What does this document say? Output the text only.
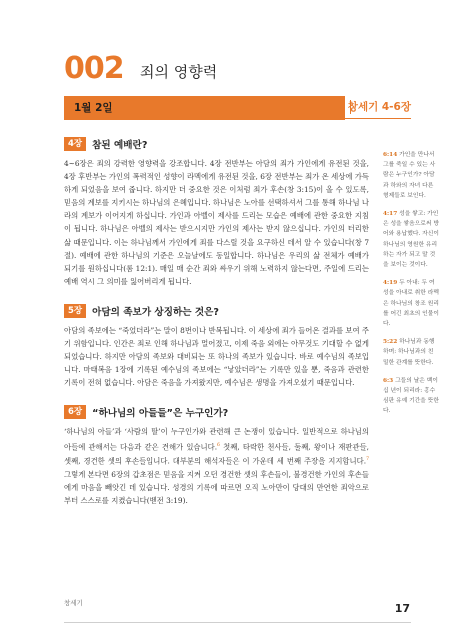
002 죄의 영향력
1월 2일	창세기 4-6장
4장	참된 예배란?

4~6장은 죄의 강력한 영향력을 강조합니다. 4장 전반부는 아담의 죄가 가인에게 유전된 것을, 4장 후반부는 가인의 폭력적인 성향이 라멕에게 유전된 것을, 6장 전반부는 죄가 온 세상에 가득하게 되었음을 보여 줍니다. 하지만 더 중요한 것은 이처럼 죄가 후손(창 3:15)이 올 수 있도록, 믿음의 계보를 지키시는 하나님의 은혜입니다. 하나님은 노아를 선택하셔서 그를 통해 하나님 나라의 계보가 이어지게 하십니다. 가인과 아벨이 제사를 드리는 모습은 예배에 관한 중요한 지침이 됩니다. 하나님은 아벨의 제사는 받으시지만 가인의 제사는 받지 않으십니다. 가인의 터리한 삶 때문입니다. 이는 하나님께서 가인에게 죄를 다스릴 것을 요구하신 데서 알 수 있습니다(창 7절). 예배에 관한 하나님의 기준은 오늘날에도 동일합니다. 하나님은 우리의 삶 전체가 예배가 되기를 원하십니다(롬 12:1). 매일 매 순간 죄와 싸우기 위해 노력하지 않는다면, 주일에 드리는 예배 역시 그 의미를 잃어버리게 됩니다.

5장	아담의 족보가 상징하는 것은?

아담의 족보에는 “죽었더라”는 말이 8번이나 반복됩니다. 이 세상에 죄가 들어온 결과를 보여 주기 위함입니다. 인간은 죄로 인해 하나님과 멀어졌고, 이제 죽음 외에는 아무것도 기대할 수 없게 되었습니다. 하지만 아담의 족보와 대비되는 또 하나의 족보가 있습니다. 바로 예수님의 족보입니다. 마태복음 1장에 기록된 예수님의 족보에는 “낳았더라”는 기록만 있을 뿐, 죽음과 관련한 기록이 전혀 없습니다. 아담은 죽음을 가져왔지만, 예수님은 생명을 가져오셨기 때문입니다.

6장	“하나님의 아들들”은 누구인가?

‘하나님의 아들’과 ‘사람의 딸’이 누구인가와 관련해 큰 논쟁이 있습니다. 일반적으로 하나님의 아들에 관해서는 다음과 같은 견해가 있습니다.$^6$ 첫째, 타락한 천사들, 둘째, 왕이나 재판관들, 셋째, 경건한 셋의 후손들입니다. 대부분의 해석자들은 이 가운데 세 번째 주장을 지지합니다.$^7$ 그렇게 본다면 6장의 갑초점은 믿음을 지켜 오던 경건한 셋의 후손들이, 불경건한 가인의 후손들에게 마음을 빼앗긴 데 있습니다. 성경의 기록에 따르면 오직 노아만이 당대의 만연한 죄악으로부터 스스로를 지켰습니다(벧전 3:19).

6:14 가인을 만나서 그를 죽일 수 있는 사람은 누구인가? 아담과 하와의 자녀 다른 형제들로 보인다.

4:17 성을 쌓고: 가인은 성을 쌓음으로써 방어와 용납했다. 자신이 하나님의 영원한 유리하는 자가 되고 말 것을 보이는 것이다.

4:19 두 아내: 두 여성을 아내로 취한 라멕은 하나님의 창조 원리를 어긴 최초의 인물이다.

5:22 하나님과 동행하며: 하나님과의 친밀한 관계를 뜻한다.

6:3 그들의 날은 백이십 년이 되리라: 홍수 심판 유예 기간을 뜻한다.

창세기	17
